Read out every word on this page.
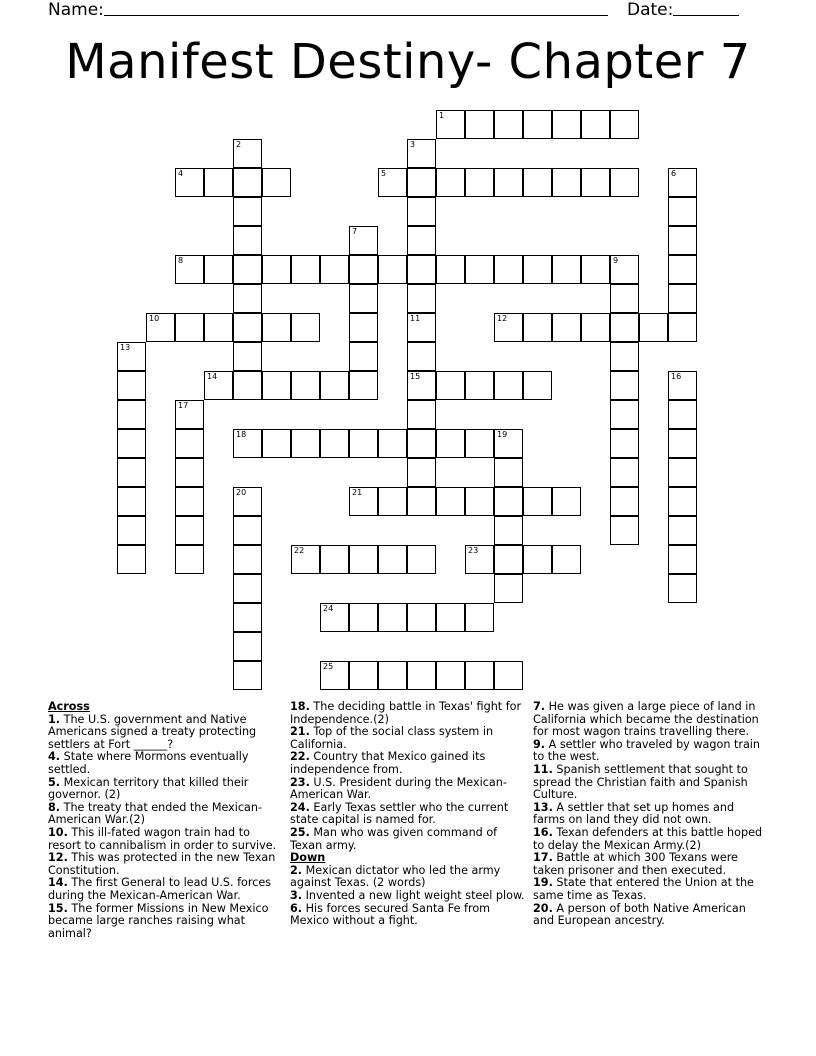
Name:	Date:
Manifest Destiny- Chapter 7
1
4	5
8	9
10	12
14	15
18	19
21
22	23
24
25
2	3
11
6
7
13
16
17
20
Across
1. The U.S. government and Native Americans signed a treaty protecting settlers at Fort ______?
4. State where Mormons eventually settled.
5. Mexican territory that killed their governor. (2)
8. The treaty that ended the Mexican-American War.(2)
10. This ill-fated wagon train had to resort to cannibalism in order to survive.
12. This was protected in the new Texan Constitution.
14. The first General to lead U.S. forces during the Mexican-American War.
15. The former Missions in New Mexico became large ranches raising what animal?
18. The deciding battle in Texas' fight for Independence.(2)
21. Top of the social class system in California.
22. Country that Mexico gained its independence from.
23. U.S. President during the Mexican-American War.
24. Early Texas settler who the current state capital is named for.
25. Man who was given command of Texan army.
Down
2. Mexican dictator who led the army against Texas. (2 words)
3. Invented a new light weight steel plow.
6. His forces secured Santa Fe from Mexico without a fight.
7. He was given a large piece of land in California which became the destination for most wagon trains travelling there.
9. A settler who traveled by wagon train to the west.
11. Spanish settlement that sought to spread the Christian faith and Spanish Culture.
13. A settler that set up homes and farms on land they did not own.
16. Texan defenders at this battle hoped to delay the Mexican Army.(2)
17. Battle at which 300 Texans were taken prisoner and then executed.
19. State that entered the Union at the same time as Texas.
20. A person of both Native American and European ancestry.
